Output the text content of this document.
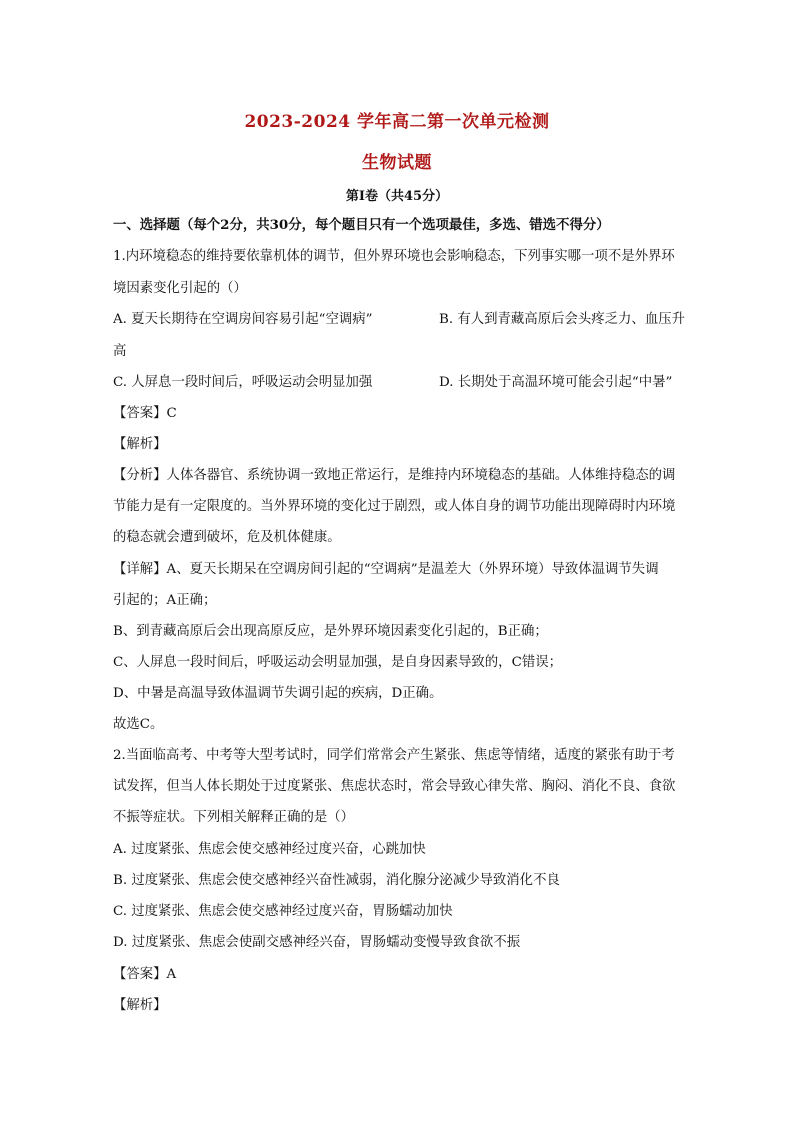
2023-2024 学年高二第一次单元检测
生物试题
第Ⅰ卷（共45分）
一、选择题（每个2分，共30分，每个题目只有一个选项最佳，多选、错选不得分）
1.内环境稳态的维持要依靠机体的调节，但外界环境也会影响稳态，下列事实哪一项不是外界环
境因素变化引起的（）
A. 夏天长期待在空调房间容易引起“空调病”	B. 有人到青藏高原后会头疼乏力、血压升
高
C. 人屏息一段时间后，呼吸运动会明显加强	D. 长期处于高温环境可能会引起“中暑”
【答案】C
【解析】
【分析】人体各器官、系统协调一致地正常运行，是维持内环境稳态的基础。人体维持稳态的调
节能力是有一定限度的。当外界环境的变化过于剧烈，或人体自身的调节功能出现障碍时内环境
的稳态就会遭到破坏，危及机体健康。
【详解】A、夏天长期呆在空调房间引起的“空调病”是温差大（外界环境）导致体温调节失调
引起的；A正确；
B、到青藏高原后会出现高原反应，是外界环境因素变化引起的，B正确；
C、人屏息一段时间后，呼吸运动会明显加强，是自身因素导致的，C错误；
D、中暑是高温导致体温调节失调引起的疾病，D正确。
故选C。
2.当面临高考、中考等大型考试时，同学们常常会产生紧张、焦虑等情绪，适度的紧张有助于考
试发挥，但当人体长期处于过度紧张、焦虑状态时，常会导致心律失常、胸闷、消化不良、食欲
不振等症状。下列相关解释正确的是（）
A. 过度紧张、焦虑会使交感神经过度兴奋，心跳加快
B. 过度紧张、焦虑会使交感神经兴奋性减弱，消化腺分泌减少导致消化不良
C. 过度紧张、焦虑会使交感神经过度兴奋，胃肠蠕动加快
D. 过度紧张、焦虑会使副交感神经兴奋，胃肠蠕动变慢导致食欲不振
【答案】A
【解析】
